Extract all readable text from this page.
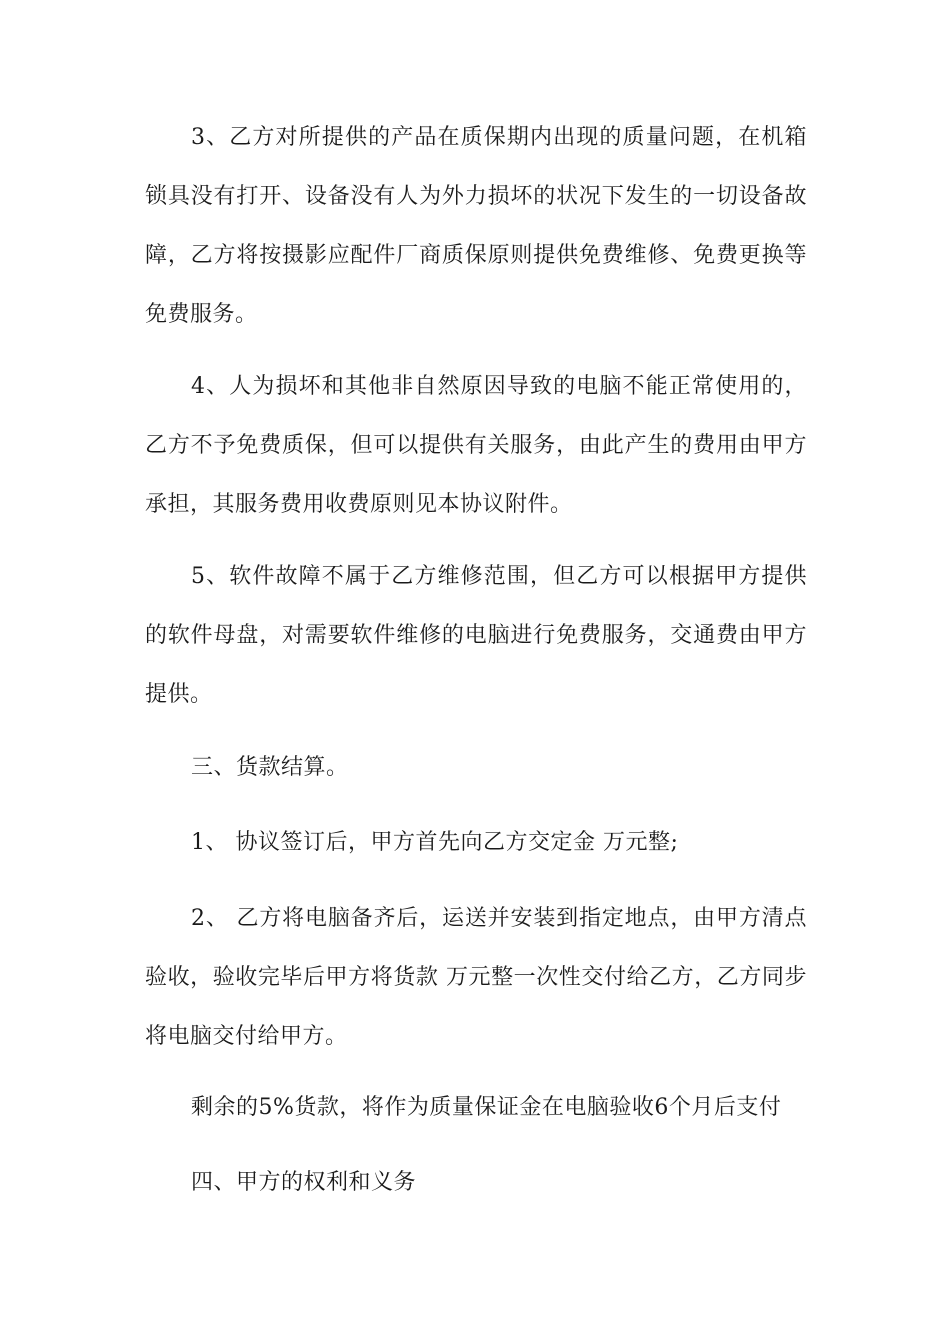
3、乙方对所提供的产品在质保期内出现的质量问题，在机箱锁具没有打开、设备没有人为外力损坏的状况下发生的一切设备故障，乙方将按摄影应配件厂商质保原则提供免费维修、免费更换等免费服务。

4、人为损坏和其他非自然原因导致的电脑不能正常使用的，乙方不予免费质保，但可以提供有关服务，由此产生的费用由甲方承担，其服务费用收费原则见本协议附件。

5、软件故障不属于乙方维修范围，但乙方可以根据甲方提供的软件母盘，对需要软件维修的电脑进行免费服务，交通费由甲方提供。

三、货款结算。

1、 协议签订后，甲方首先向乙方交定金 万元整;

2、 乙方将电脑备齐后，运送并安装到指定地点，由甲方清点验收，验收完毕后甲方将货款 万元整一次性交付给乙方，乙方同步将电脑交付给甲方。

剩余的5%货款，将作为质量保证金在电脑验收6个月后支付

四、甲方的权利和义务
